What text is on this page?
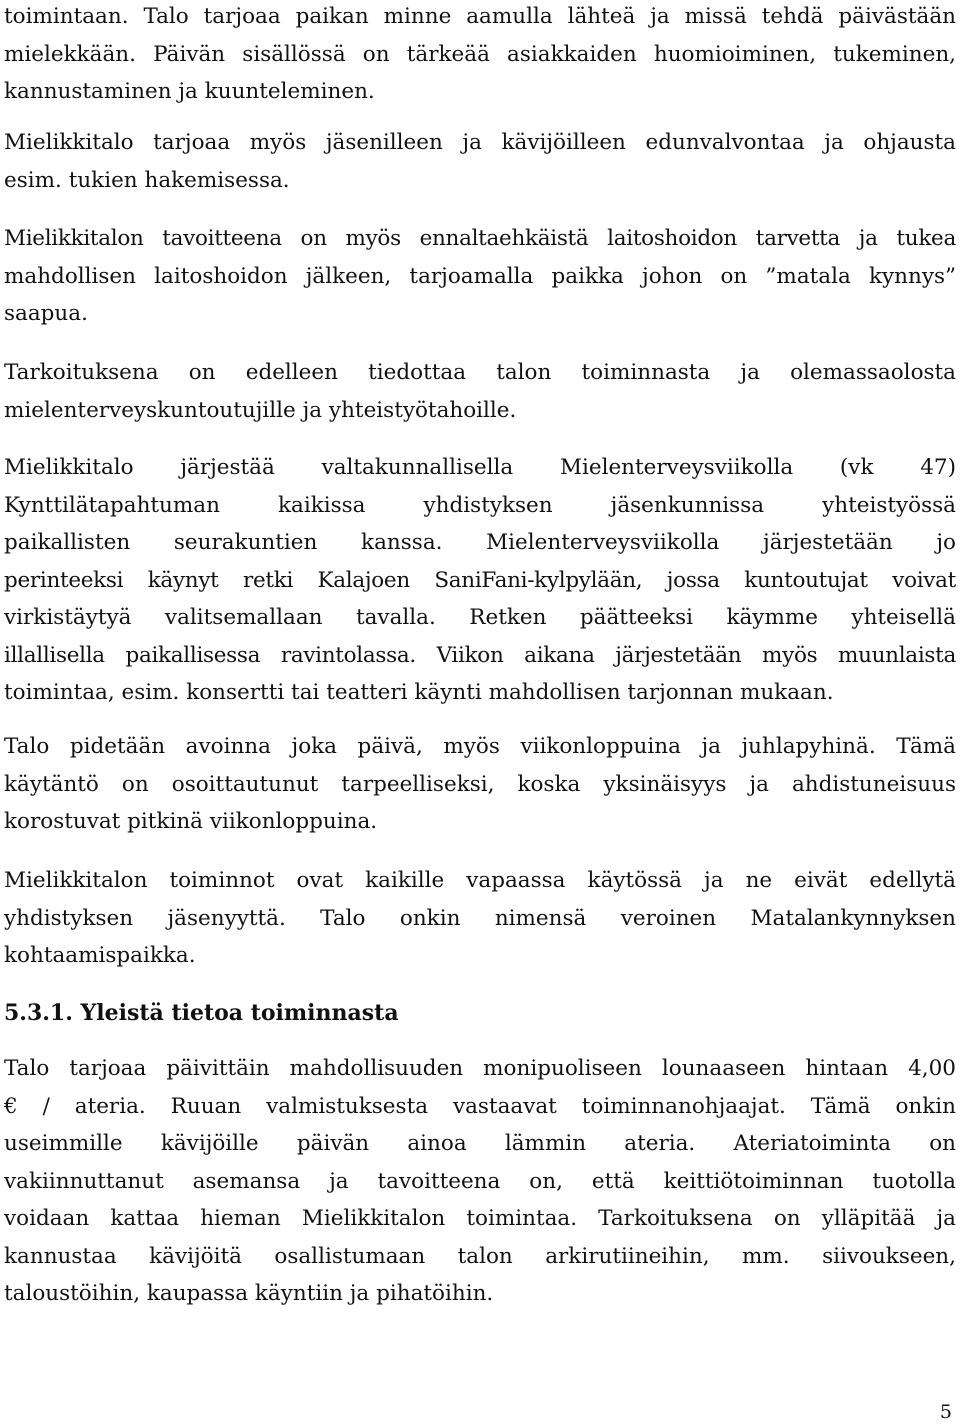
toimintaan. Talo tarjoaa paikan minne aamulla lähteä ja missä tehdä päivästään
mielekkään. Päivän sisällössä on tärkeää asiakkaiden huomioiminen, tukeminen,
kannustaminen ja kuunteleminen.
Mielikkitalo tarjoaa myös jäsenilleen ja kävijöilleen edunvalvontaa ja ohjausta
esim. tukien hakemisessa.
Mielikkitalon tavoitteena on myös ennaltaehkäistä laitoshoidon tarvetta ja tukea
mahdollisen laitoshoidon jälkeen, tarjoamalla paikka johon on ”matala kynnys”
saapua.
Tarkoituksena on edelleen tiedottaa talon toiminnasta ja olemassaolosta
mielenterveyskuntoutujille ja yhteistyötahoille.
Mielikkitalo järjestää valtakunnallisella Mielenterveysviikolla (vk 47)
Kynttilätapahtuman kaikissa yhdistyksen jäsenkunnissa yhteistyössä
paikallisten seurakuntien kanssa. Mielenterveysviikolla järjestetään jo
perinteeksi käynyt retki Kalajoen SaniFani-kylpylään, jossa kuntoutujat voivat
virkistäytyä valitsemallaan tavalla. Retken päätteeksi käymme yhteisellä
illallisella paikallisessa ravintolassa. Viikon aikana järjestetään myös muunlaista
toimintaa, esim. konsertti tai teatteri käynti mahdollisen tarjonnan mukaan.
Talo pidetään avoinna joka päivä, myös viikonloppuina ja juhlapyhinä. Tämä
käytäntö on osoittautunut tarpeelliseksi, koska yksinäisyys ja ahdistuneisuus
korostuvat pitkinä viikonloppuina.
Mielikkitalon toiminnot ovat kaikille vapaassa käytössä ja ne eivät edellytä
yhdistyksen jäsenyyttä. Talo onkin nimensä veroinen Matalankynnyksen
kohtaamispaikka.
5.3.1. Yleistä tietoa toiminnasta
Talo tarjoaa päivittäin mahdollisuuden monipuoliseen lounaaseen hintaan 4,00
€ / ateria. Ruuan valmistuksesta vastaavat toiminnanohjaajat. Tämä onkin
useimmille kävijöille päivän ainoa lämmin ateria. Ateriatoiminta on
vakiinnuttanut asemansa ja tavoitteena on, että keittiötoiminnan tuotolla
voidaan kattaa hieman Mielikkitalon toimintaa. Tarkoituksena on ylläpitää ja
kannustaa kävijöitä osallistumaan talon arkirutiineihin, mm. siivoukseen,
taloustöihin, kaupassa käyntiin ja pihatöihin.

5
